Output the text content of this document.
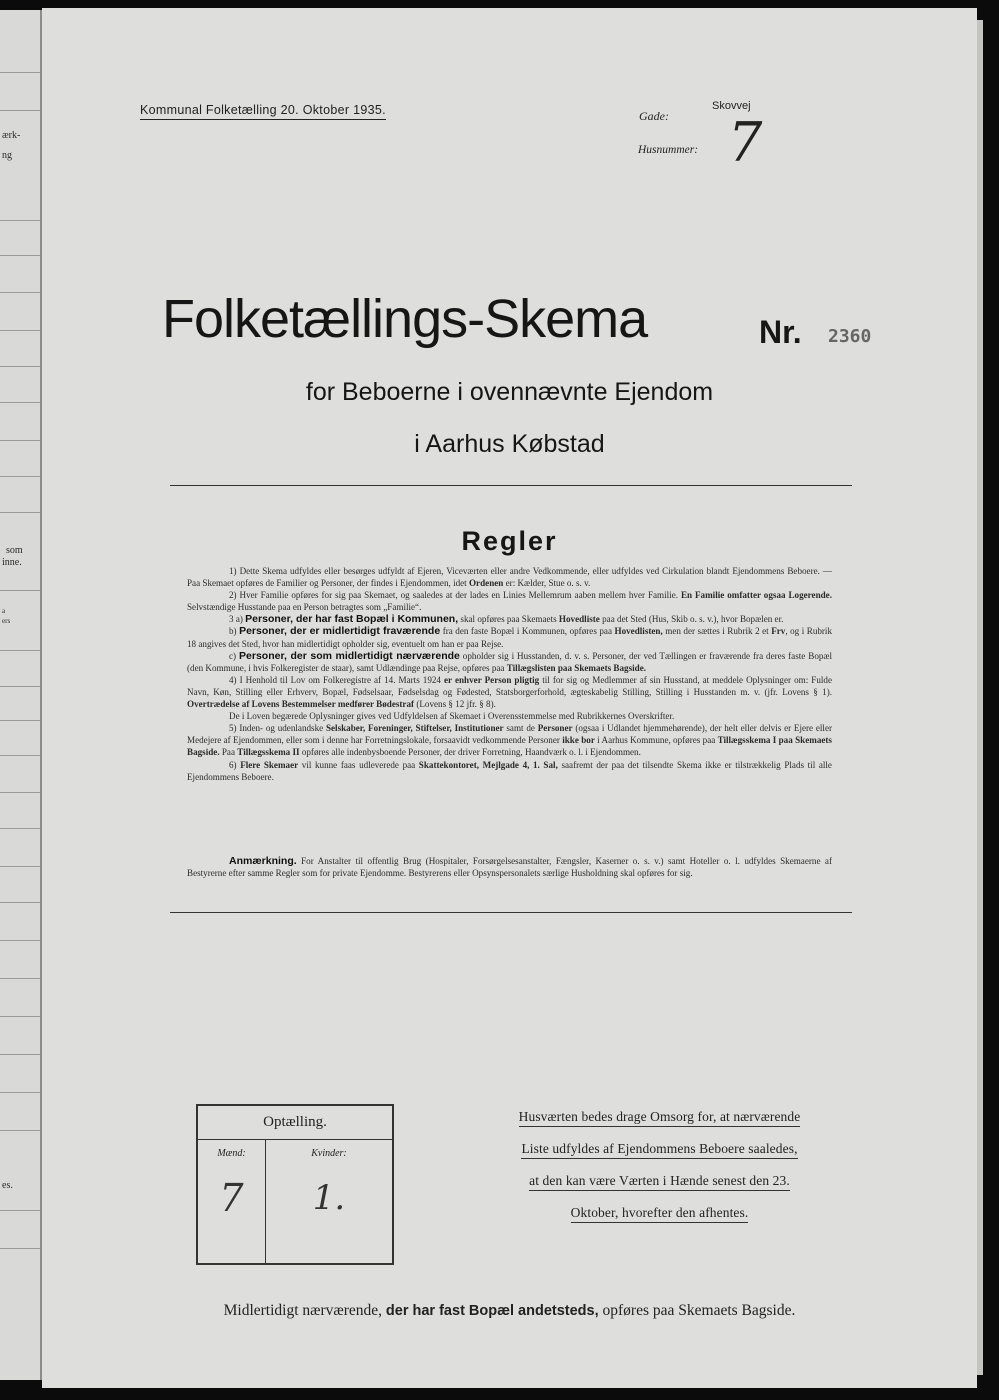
ærk-
ng
som
inne.
a
ers
es.
Kommunal Folketælling 20. Oktober 1935.	Gade:
Skovvej
Husnummer: 7
Folketællings-Skema	Nr. 2360
for Beboerne i ovennævnte Ejendom
i Aarhus Købstad
Regler

1) Dette Skema udfyldes eller besørges udfyldt af Ejeren, Viceværten eller andre Vedkommende, eller udfyldes ved Cirkulation blandt Ejendommens Beboere. — Paa Skemaet opføres de Familier og Personer, der findes i Ejendommen, idet Ordenen er: Kælder, Stue o. s. v.

2) Hver Familie opføres for sig paa Skemaet, og saaledes at der lades en Linies Mellemrum aaben mellem hver Familie. En Familie omfatter ogsaa Logerende. Selvstændige Husstande paa en Person betragtes som „Familie“.

3 a) Personer, der har fast Bopæl i Kommunen, skal opføres paa Skemaets Hovedliste paa det Sted (Hus, Skib o. s. v.), hvor Bopælen er.

b) Personer, der er midlertidigt fraværende fra den faste Bopæl i Kommunen, opføres paa Hovedlisten, men der sættes i Rubrik 2 et Frv, og i Rubrik 18 angives det Sted, hvor han midlertidigt opholder sig, eventuelt om han er paa Rejse.

c) Personer, der som midlertidigt nærværende opholder sig i Husstanden, d. v. s. Personer, der ved Tællingen er fraværende fra deres faste Bopæl (den Kommune, i hvis Folkeregister de staar), samt Udlændinge paa Rejse, opføres paa Tillægslisten paa Skemaets Bagside.

4) I Henhold til Lov om Folkeregistre af 14. Marts 1924 er enhver Person pligtig til for sig og Medlemmer af sin Husstand, at meddele Oplysninger om: Fulde Navn, Køn, Stilling eller Erhverv, Bopæl, Fødselsaar, Fødselsdag og Fødested, Statsborgerforhold, ægteskabelig Stilling, Stilling i Husstanden m. v. (jfr. Lovens § 1). Overtrædelse af Lovens Bestemmelser medfører Bødestraf (Lovens § 12 jfr. § 8).

De i Loven begærede Oplysninger gives ved Udfyldelsen af Skemaet i Overensstemmelse med Rubrikkernes Overskrifter.

5) Inden- og udenlandske Selskaber, Foreninger, Stiftelser, Institutioner samt de Personer (ogsaa i Udlandet hjemmehørende), der helt eller delvis er Ejere eller Medejere af Ejendommen, eller som i denne har Forretningslokale, forsaavidt vedkommende Personer ikke bor i Aarhus Kommune, opføres paa Tillægsskema I paa Skemaets Bagside. Paa Tillægsskema II opføres alle indenbysboende Personer, der driver Forretning, Haandværk o. l. i Ejendommen.

6) Flere Skemaer vil kunne faas udleverede paa Skattekontoret, Mejlgade 4, 1. Sal, saafremt der paa det tilsendte Skema ikke er tilstrækkelig Plads til alle Ejendommens Beboere.

Anmærkning. For Anstalter til offentlig Brug (Hospitaler, Forsørgelsesanstalter, Fængsler, Kaserner o. s. v.) samt Hoteller o. l. udfyldes Skemaerne af Bestyrerne efter samme Regler som for private Ejendomme. Bestyrerens eller Opsynspersonalets særlige Husholdning skal opføres for sig.
Optælling.
Mænd:	Kvinder:
7	1.
Husværten bedes drage Omsorg for, at nærværende
Liste udfyldes af Ejendommens Beboere saaledes,
at den kan være Værten i Hænde senest den 23.
Oktober, hvorefter den afhentes.
Midlertidigt nærværende, der har fast Bopæl andetsteds, opføres paa Skemaets Bagside.
